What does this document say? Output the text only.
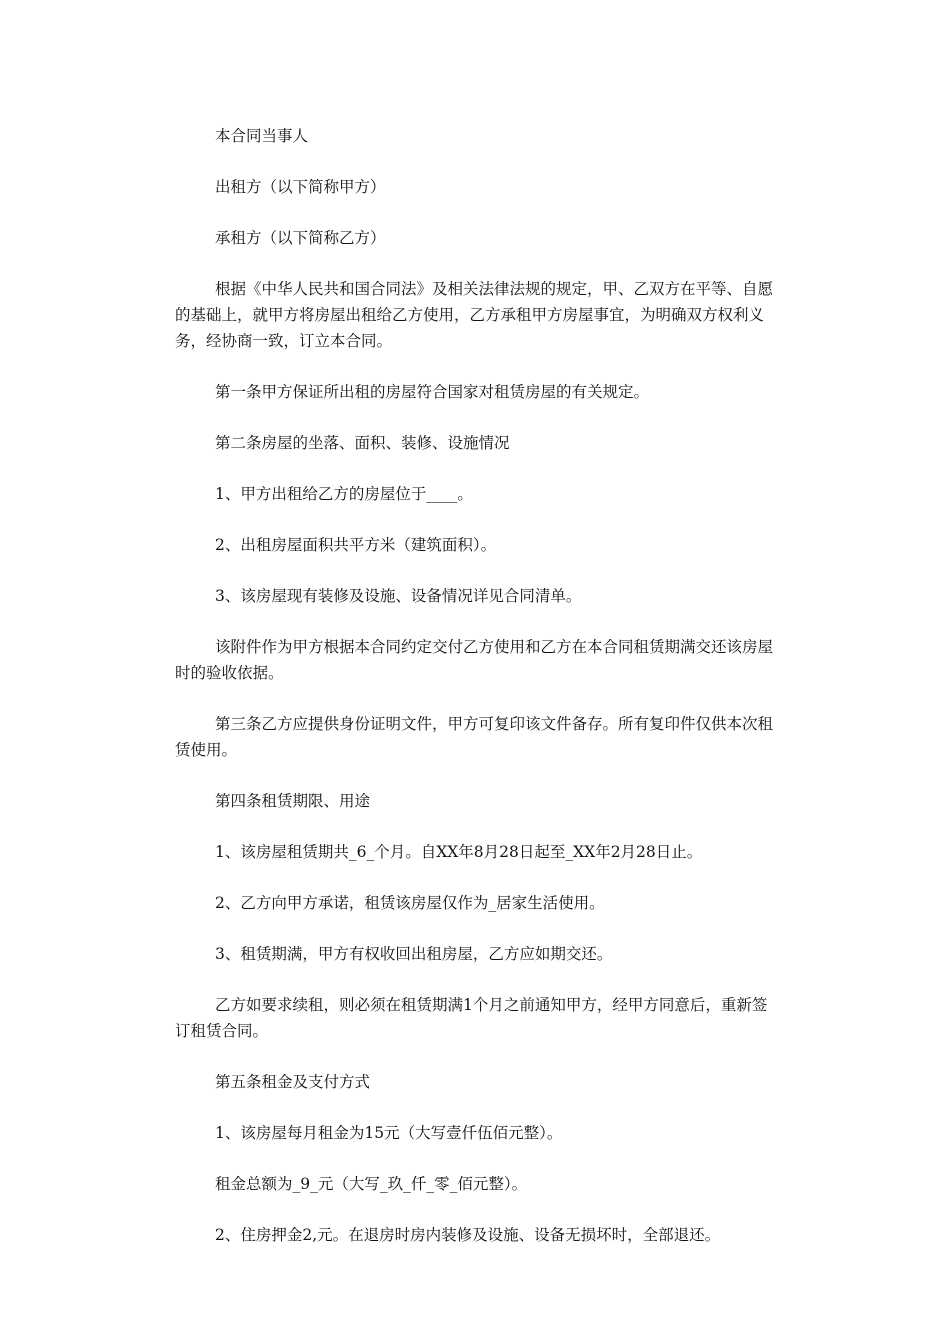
本合同当事人

出租方（以下简称甲方）

承租方（以下简称乙方）

根据《中华人民共和国合同法》及相关法律法规的规定，甲、乙双方在平等、自愿的基础上，就甲方将房屋出租给乙方使用，乙方承租甲方房屋事宜，为明确双方权利义务，经协商一致，订立本合同。

第一条甲方保证所出租的房屋符合国家对租赁房屋的有关规定。

第二条房屋的坐落、面积、装修、设施情况

1、甲方出租给乙方的房屋位于____。

2、出租房屋面积共平方米（建筑面积）。

3、该房屋现有装修及设施、设备情况详见合同清单。

该附件作为甲方根据本合同约定交付乙方使用和乙方在本合同租赁期满交还该房屋时的验收依据。

第三条乙方应提供身份证明文件，甲方可复印该文件备存。所有复印件仅供本次租赁使用。

第四条租赁期限、用途

1、该房屋租赁期共_6_个月。自XX年8月28日起至_XX年2月28日止。

2、乙方向甲方承诺，租赁该房屋仅作为_居家生活使用。

3、租赁期满，甲方有权收回出租房屋，乙方应如期交还。

乙方如要求续租，则必须在租赁期满1个月之前通知甲方，经甲方同意后，重新签订租赁合同。

第五条租金及支付方式

1、该房屋每月租金为15元（大写壹仟伍佰元整）。

租金总额为_9_元（大写_玖_仟_零_佰元整）。

2、住房押金2,元。在退房时房内装修及设施、设备无损坏时，全部退还。
